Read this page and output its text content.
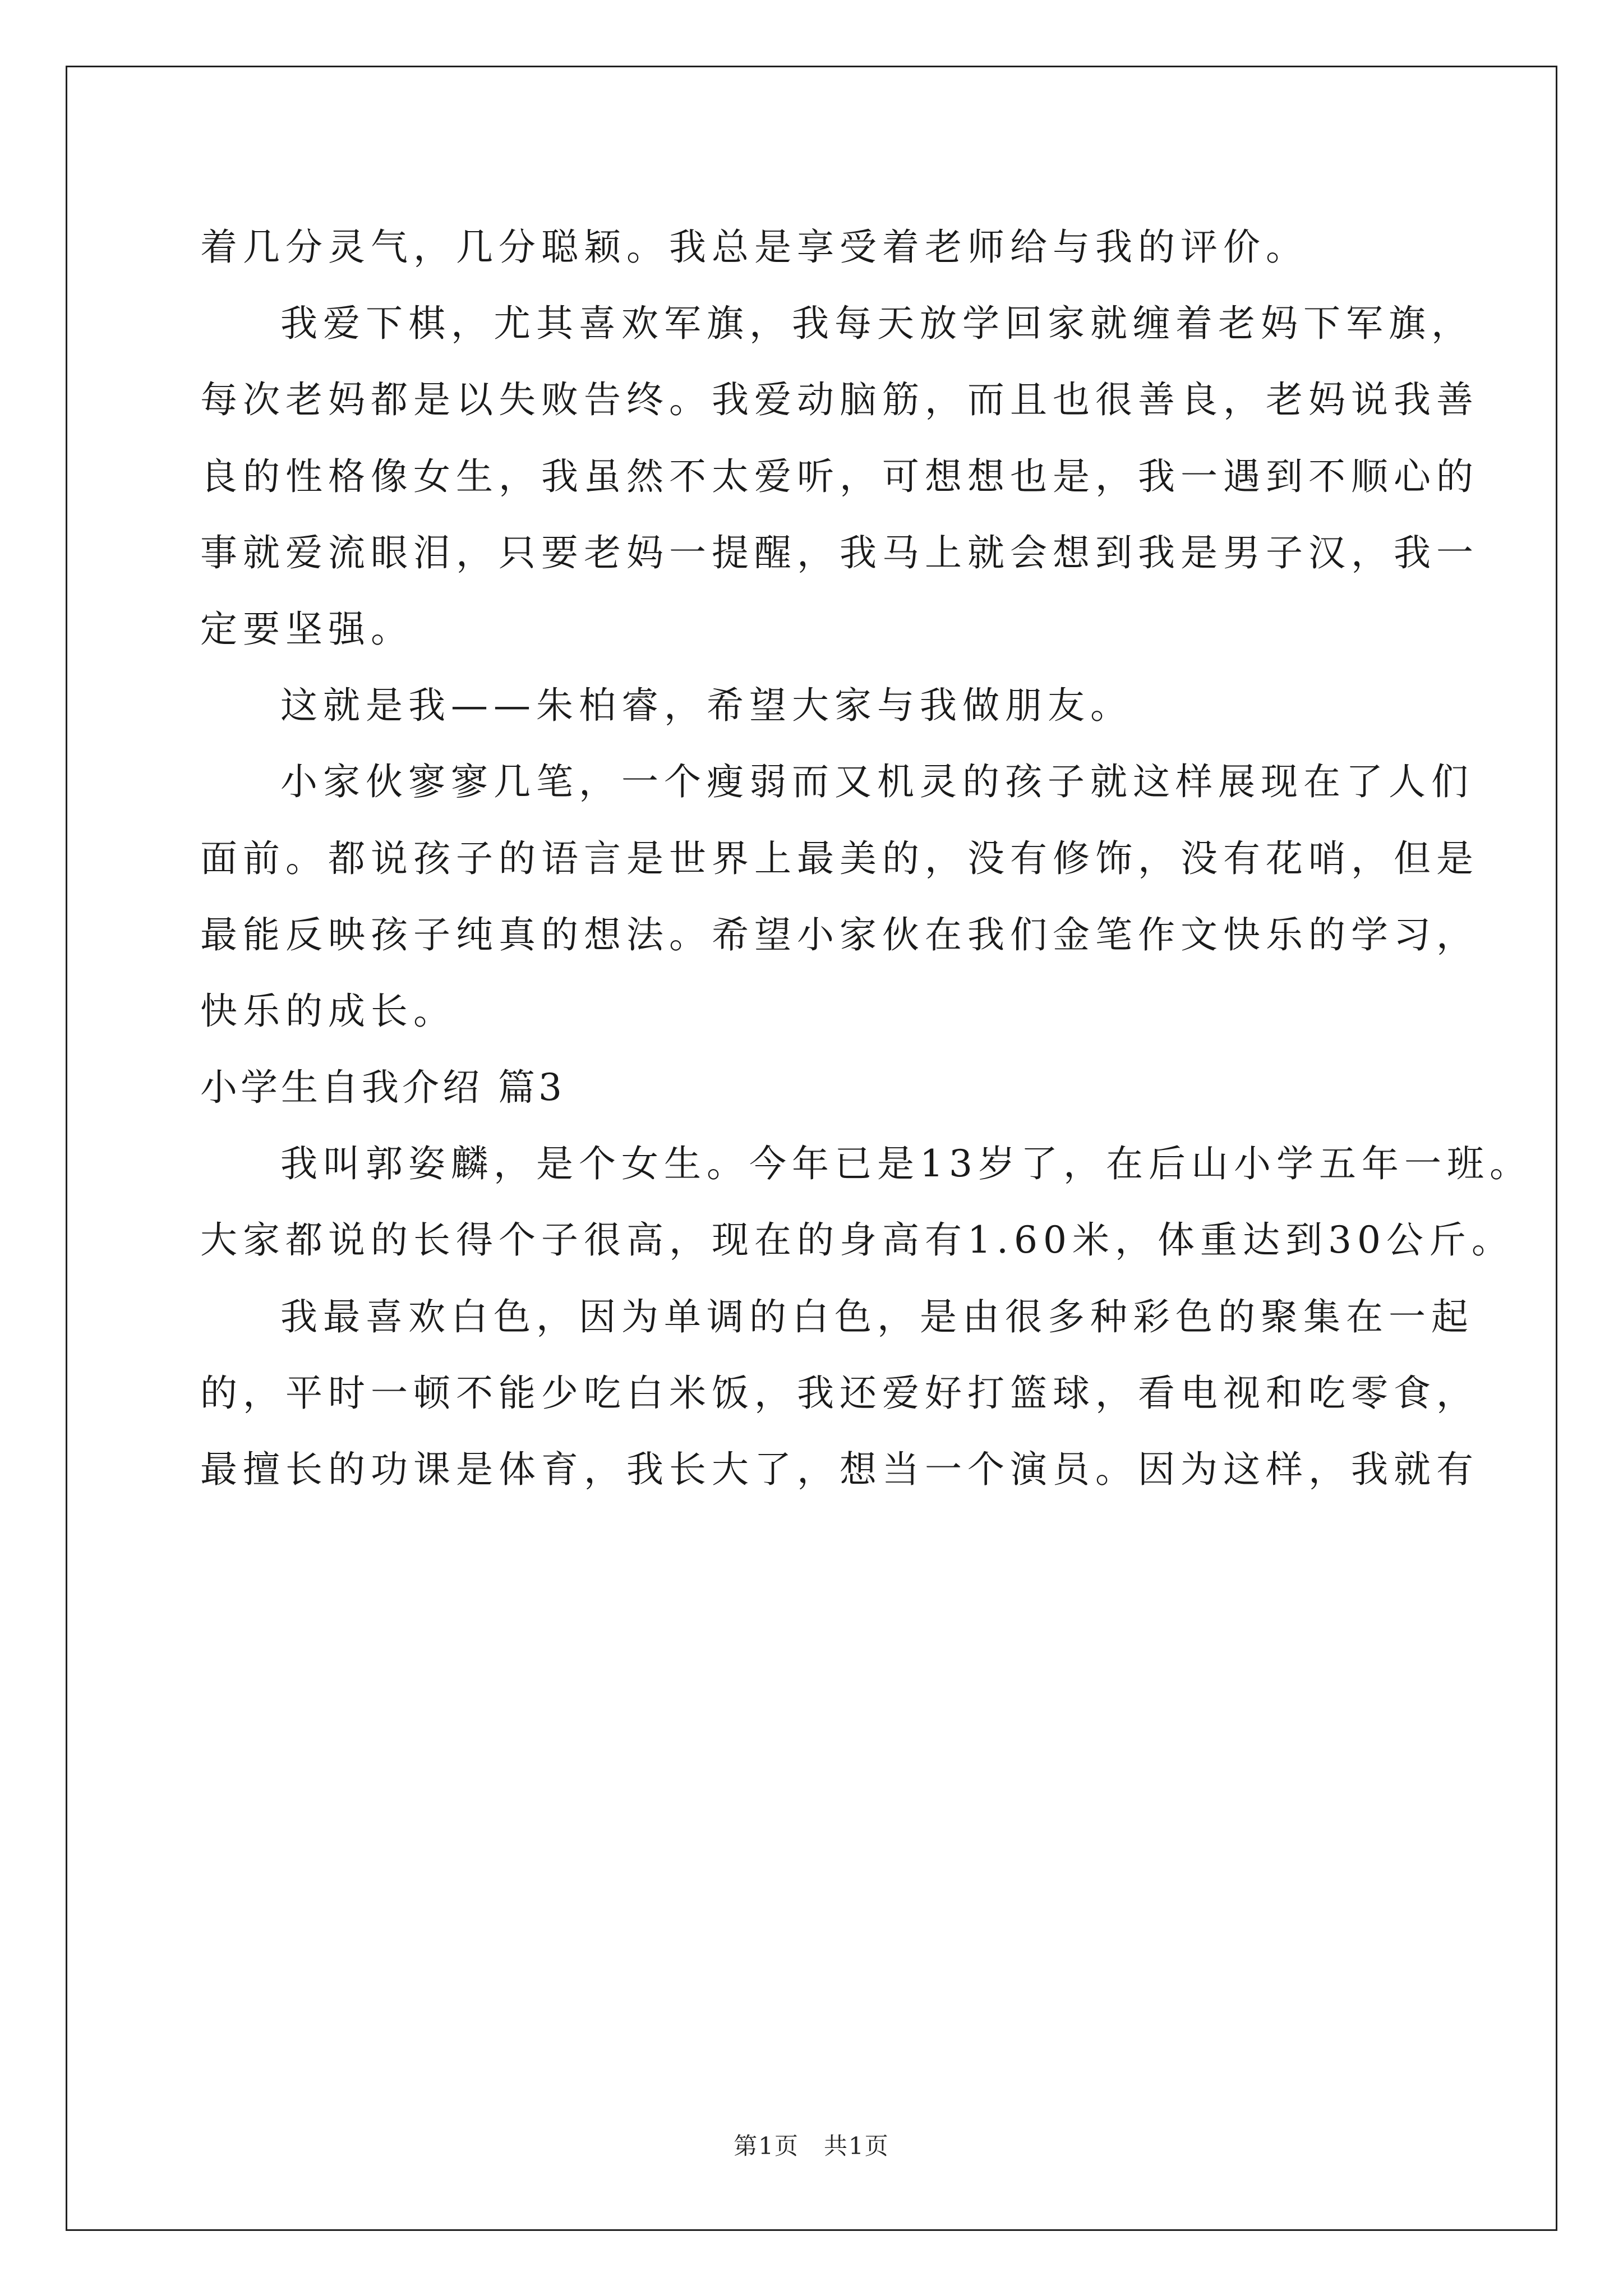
着几分灵气，几分聪颖。我总是享受着老师给与我的评价。
我爱下棋，尤其喜欢军旗，我每天放学回家就缠着老妈下军旗，
每次老妈都是以失败告终。我爱动脑筋，而且也很善良，老妈说我善
良的性格像女生，我虽然不太爱听，可想想也是，我一遇到不顺心的
事就爱流眼泪，只要老妈一提醒，我马上就会想到我是男子汉，我一
定要坚强。
这就是我——朱柏睿，希望大家与我做朋友。
小家伙寥寥几笔，一个瘦弱而又机灵的孩子就这样展现在了人们
面前。都说孩子的语言是世界上最美的，没有修饰，没有花哨，但是
最能反映孩子纯真的想法。希望小家伙在我们金笔作文快乐的学习，
快乐的成长。
小学生自我介绍 篇3
我叫郭姿麟，是个女生。今年已是13岁了，在后山小学五年一班。
大家都说的长得个子很高，现在的身高有1.60米，体重达到30公斤。
我最喜欢白色，因为单调的白色，是由很多种彩色的聚集在一起
的，平时一顿不能少吃白米饭，我还爱好打篮球，看电视和吃零食，
最擅长的功课是体育，我长大了，想当一个演员。因为这样，我就有
第1页　共1页
